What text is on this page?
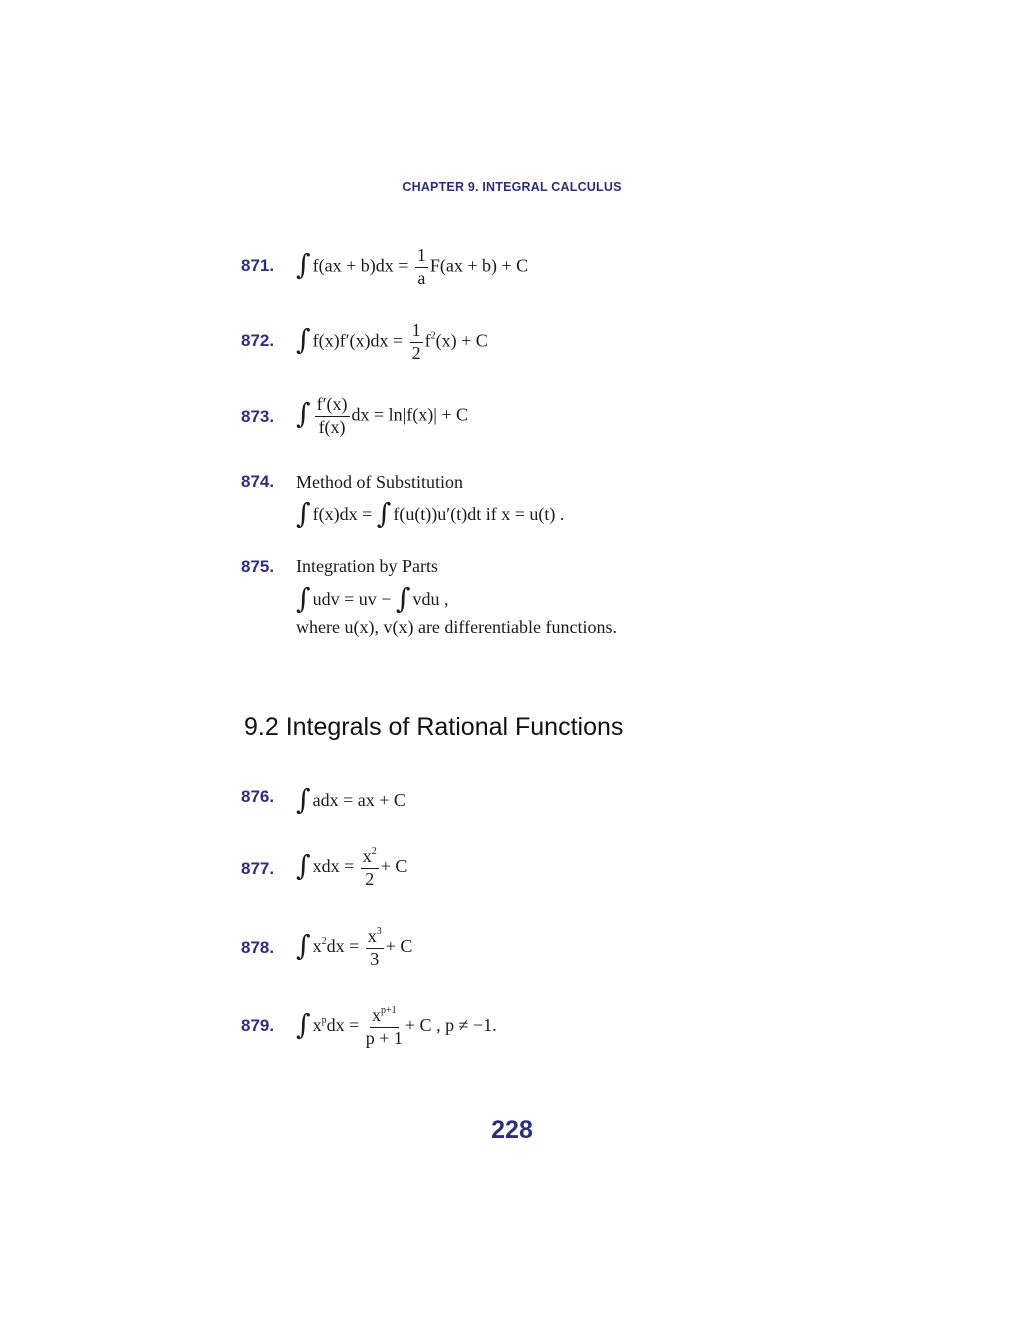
CHAPTER 9. INTEGRAL CALCULUS
871. ∫ $f(ax + b)dx = \frac{1}{a} F(ax + b) + C$
872. ∫ $f(x)f'(x)dx = \frac{1}{2} f^2(x) + C$
873. ∫ $\frac{f'(x)}{f(x)}$ dx = ln|f(x)| + C
874. Method of Substitution
∫ f(x)dx = ∫ f(u(t))u′(t)dt if x = u(t) .
875. Integration by Parts
∫ udv = uv − ∫ vdu ,
where u(x), v(x) are differentiable functions.
9.2 Integrals of Rational Functions
876. ∫ adx = ax + C
877. ∫ xdx = $\frac{x^2}{2} + C$
878. ∫ $x^2dx = \frac{x^3}{3} + C$
879. ∫ $x^pdx = \frac{x^{p+1}}{p + 1} + C$ , p ≠ −1.
228
